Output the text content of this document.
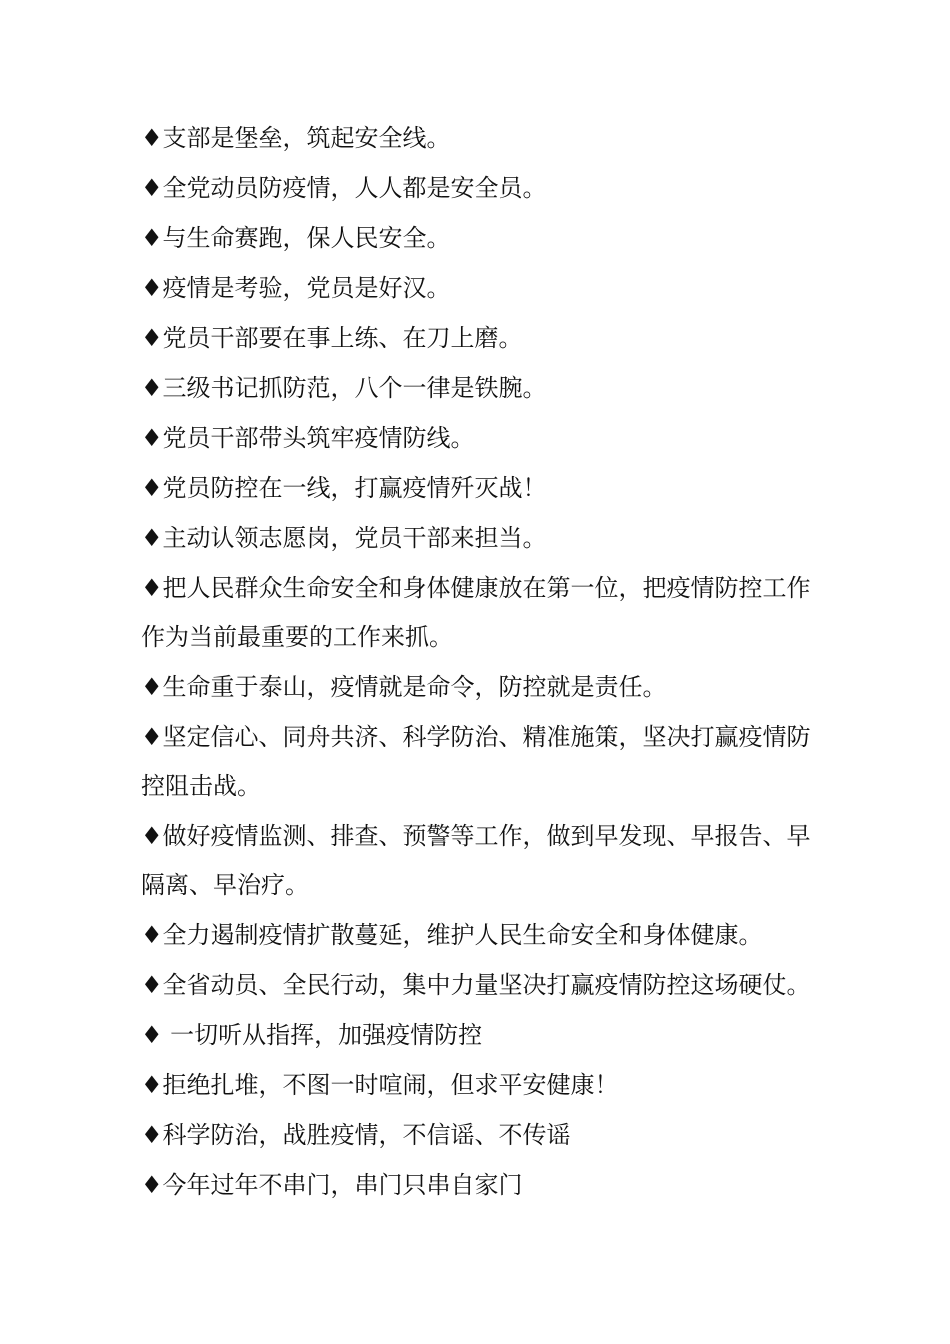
♦支部是堡垒，筑起安全线。
♦全党动员防疫情，人人都是安全员。
♦与生命赛跑，保人民安全。
♦疫情是考验，党员是好汉。
♦党员干部要在事上练、在刀上磨。
♦三级书记抓防范，八个一律是铁腕。
♦党员干部带头筑牢疫情防线。
♦党员防控在一线，打赢疫情歼灭战！
♦主动认领志愿岗，党员干部来担当。
♦把人民群众生命安全和身体健康放在第一位，把疫情防控工作作为当前最重要的工作来抓。
♦生命重于泰山，疫情就是命令，防控就是责任。
♦坚定信心、同舟共济、科学防治、精准施策，坚决打赢疫情防控阻击战。
♦做好疫情监测、排查、预警等工作，做到早发现、早报告、早隔离、早治疗。
♦全力遏制疫情扩散蔓延，维护人民生命安全和身体健康。
♦全省动员、全民行动，集中力量坚决打赢疫情防控这场硬仗。
♦ 一切听从指挥，加强疫情防控
♦拒绝扎堆，不图一时喧闹，但求平安健康！
♦科学防治，战胜疫情，不信谣、不传谣
♦今年过年不串门，串门只串自家门
